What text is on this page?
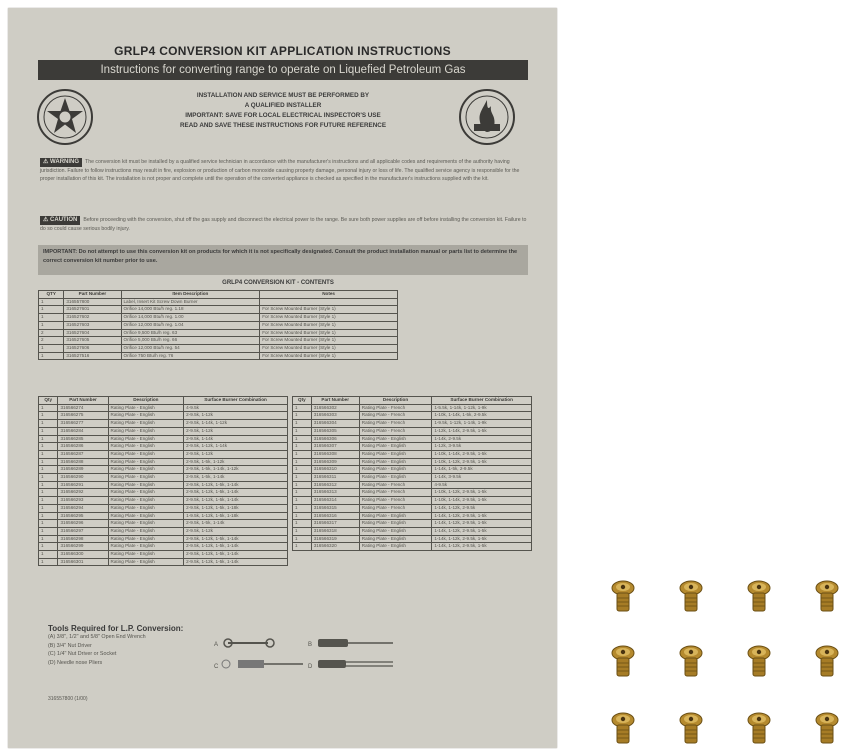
GRLP4 CONVERSION KIT APPLICATION INSTRUCTIONS
Instructions for converting range to operate on Liquefied Petroleum Gas
INSTALLATION AND SERVICE MUST BE PERFORMED BY
A QUALIFIED INSTALLER
IMPORTANT: SAVE FOR LOCAL ELECTRICAL INSPECTOR'S USE
READ AND SAVE THESE INSTRUCTIONS FOR FUTURE REFERENCE
⚠ WARNING The conversion kit must be installed by a qualified service technician in accordance with the manufacturer's instructions and all applicable codes and requirements of the authority having jurisdiction. Failure to follow instructions may result in fire, explosion or production of carbon monoxide causing property damage, personal injury or loss of life. The qualified service agency is responsible for the proper installation of this kit. The installation is not proper and complete until the operation of the converted appliance is checked as specified in the manufacturer's instructions supplied with the kit.
⚠ CAUTION Before proceeding with the conversion, shut off the gas supply and disconnect the electrical power to the range. Be sure both power supplies are off before installing the conversion kit. Failure to do so could cause serious bodily injury.
IMPORTANT: Do not attempt to use this conversion kit on products for which it is not specifically designated. Consult the product installation manual or parts list to determine the correct conversion kit number prior to use.
GRLP4 CONVERSION KIT - CONTENTS
QTY	Part Number	Item Description	Notes
1	316557800	Label, Insert Kit Screw Down Burner	
1	316527601	Orifice 14,000 Btu/h reg. 1.18	For Screw Mounted Burner (Style 1)
1	316527602	Orifice 14,000 Btu/h reg. 1.00	For Screw Mounted Burner (Style 1)
1	316527603	Orifice 12,000 Btu/h reg. 1.04	For Screw Mounted Burner (Style 1)
2	316527604	Orifice 9,500 Btu/h reg. 63	For Screw Mounted Burner (Style 1)
2	316527605	Orifice 5,000 Btu/h reg. 66	For Screw Mounted Burner (Style 1)
1	316527606	Orifice 12,000 Btu/h reg. 54	For Screw Mounted Burner (Style 1)
1	316527516	Orifice 750 Btu/h reg. 76	For Screw Mounted Burner (Style 1)
Qty	Part Number	Description	Surface Burner Combination
1	316566274	Rating Plate - English	4-9.5k
1	316566275	Rating Plate - English	2-9.5k, 1-12k
1	316566277	Rating Plate - English	2-9.5k, 1-14k, 1-12k
1	316566284	Rating Plate - English	2-9.5k, 1-12k
1	316566285	Rating Plate - English	2-9.5k, 1-14k
1	316566286	Rating Plate - English	2-9.5k, 1-12k, 1-14k
1	316566287	Rating Plate - English	2-9.5k, 1-12k
1	316566288	Rating Plate - English	2-9.5k, 1-5k, 1-12k
1	316566289	Rating Plate - English	2-9.5k, 1-5k, 1-14k, 1-12k
1	316566290	Rating Plate - English	2-9.5k, 1-5k, 1-14k
1	316566291	Rating Plate - English	2-9.5k, 1-12k, 1-5k, 1-14k
1	316566292	Rating Plate - English	2-9.5k, 1-12k, 1-5k, 1-14k
1	316566293	Rating Plate - English	2-9.5k, 1-12k, 1-5k, 1-14k
1	316566294	Rating Plate - English	2-9.5k, 1-12k, 1-5k, 1-18k
1	316566295	Rating Plate - English	1-9.5k, 1-12k, 1-5k, 1-18k
1	316566296	Rating Plate - English	2-9.5k, 1-5k, 1-14k
1	316566297	Rating Plate - English	2-9.5k, 1-12k
1	316566298	Rating Plate - English	2-9.5k, 1-12k, 1-5k, 1-14k
1	316566299	Rating Plate - English	2-9.5k, 1-12k, 1-5k, 1-14k
1	316566300	Rating Plate - English	2-9.5k, 1-12k, 1-5k, 1-14k
1	316566301	Rating Plate - English	2-9.5k, 1-12k, 1-5k, 1-14k
Qty	Part Number	Description	Surface Burner Combination
1	316566302	Rating Plate - French	1-5.5k, 1-14k, 1-12k, 1-9k
1	316566303	Rating Plate - French	1-10k, 1-14k, 1-5k, 2-9.5k
1	316566304	Rating Plate - French	1-9.5k, 1-12k, 1-14k, 1-9k
1	316566305	Rating Plate - French	1-12k, 1-14k, 2-9.5k, 1-5k
1	316566306	Rating Plate - English	1-14k, 2-9.5k
1	316566307	Rating Plate - English	1-12k, 3-9.5k
1	316566308	Rating Plate - English	1-10k, 1-14k, 2-9.5k, 1-5k
1	316566309	Rating Plate - English	1-10k, 1-12k, 2-9.5k, 1-5k
1	316566310	Rating Plate - English	1-14k, 1-5k, 2-9.5k
1	316566311	Rating Plate - English	1-14k, 3-9.5k
1	316566312	Rating Plate - French	4-9.5k
1	316566313	Rating Plate - French	1-10k, 1-12k, 2-9.5k, 1-5k
1	316566314	Rating Plate - French	1-10k, 1-14k, 2-9.5k, 1-5k
1	316566315	Rating Plate - French	1-14k, 1-12k, 2-9.5k
1	316566316	Rating Plate - English	1-14k, 1-12k, 2-9.5k, 1-5k
1	316566317	Rating Plate - English	1-14k, 1-12k, 2-9.5k, 1-5k
1	316566318	Rating Plate - English	1-14k, 1-12k, 2-9.5k, 1-5k
1	316566319	Rating Plate - English	1-14k, 1-12k, 2-9.5k, 1-5k
1	316566320	Rating Plate - English	1-14k, 1-12k, 2-9.5k, 1-5k
Tools Required for L.P. Conversion:
(A) 3/8", 1/2" and 5/8" Open End Wrench
(B) 3/4" Nut Driver
(C) 1/4" Nut Driver or Socket
(D) Needle nose Pliers
A	B
C	D
316557800 (1/00)
